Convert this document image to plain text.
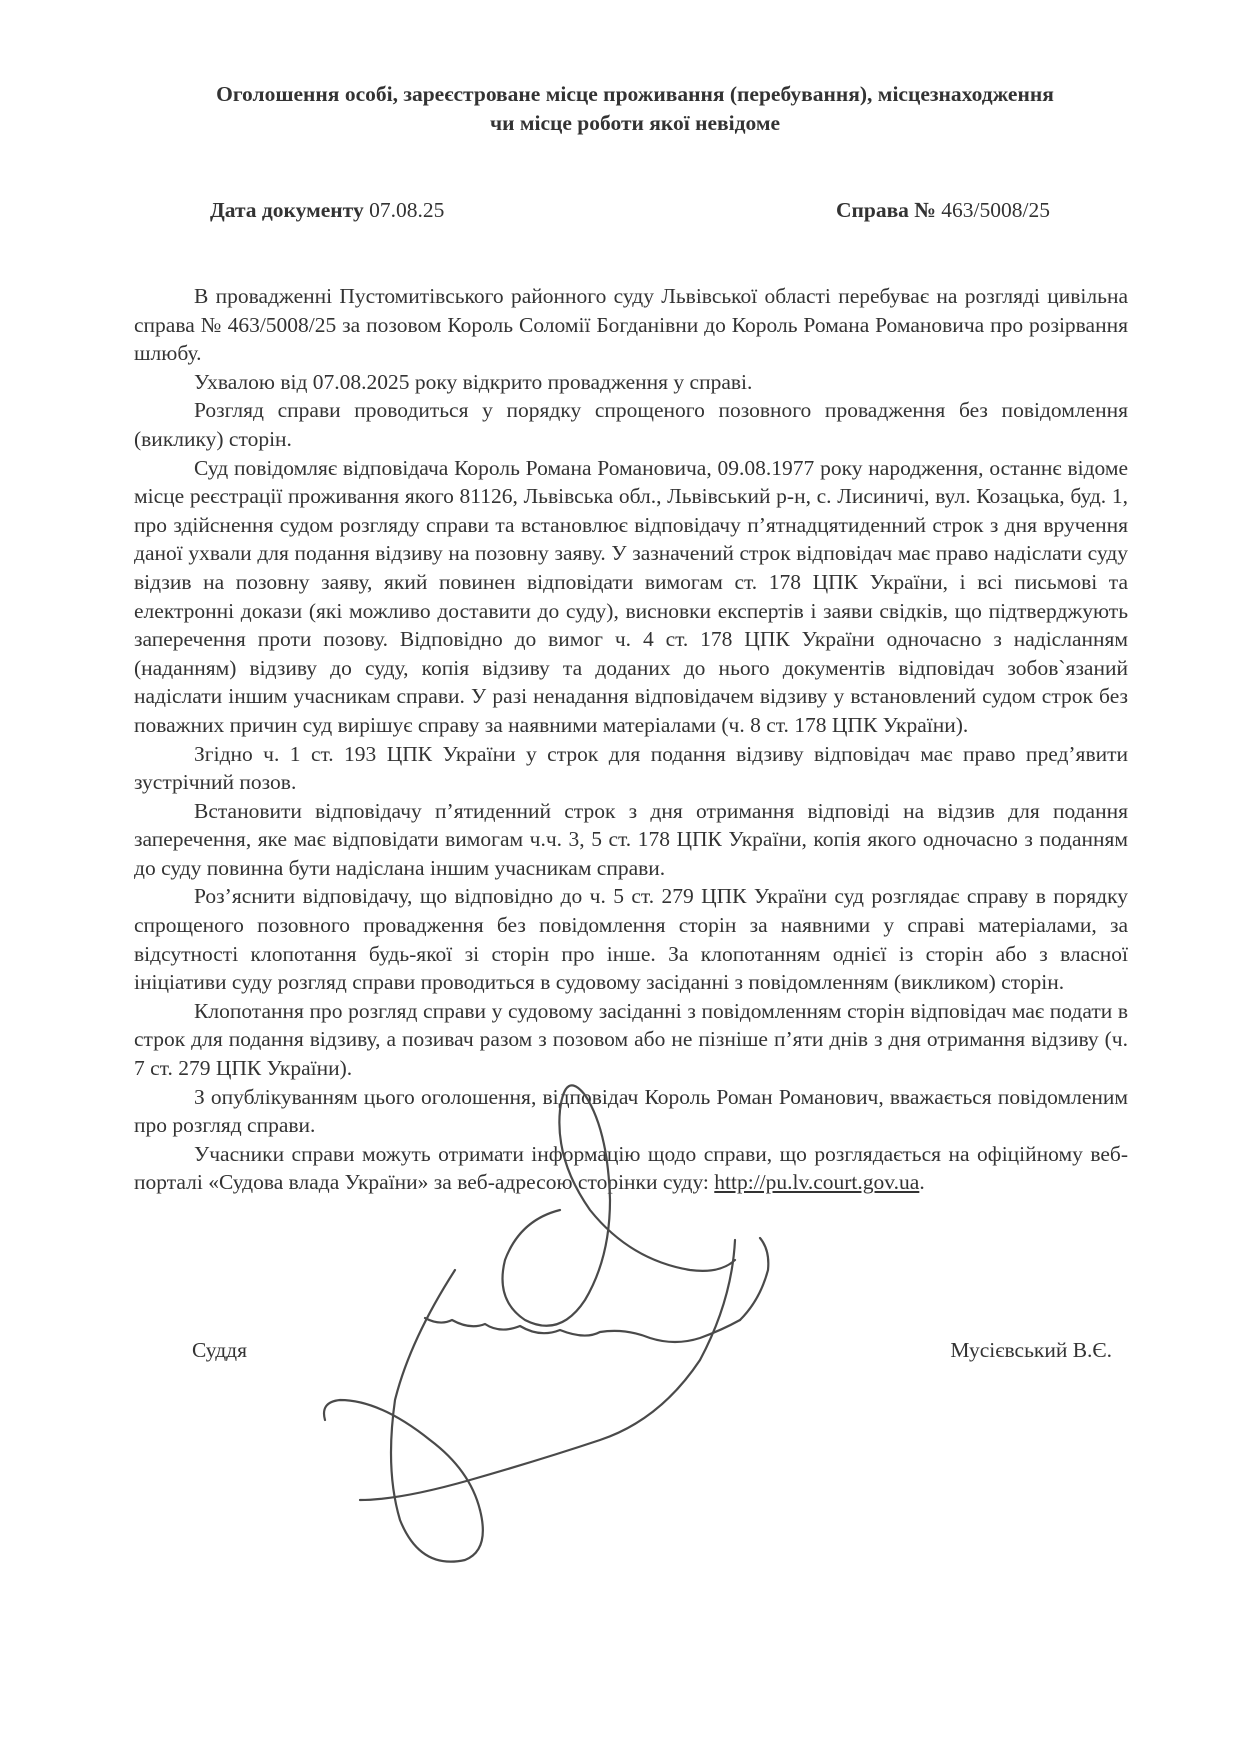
Оголошення особі, зареєстроване місце проживання (перебування), місцезнаходження
чи місце роботи якої невідоме
Дата документу 07.08.25	Справа № 463/5008/25

В провадженні Пустомитівського районного суду Львівської області перебуває на розгляді цивільна справа № 463/5008/25 за позовом Король Соломії Богданівни до Король Романа Романовича про розірвання шлюбу.

Ухвалою від 07.08.2025 року відкрито провадження у справі.

Розгляд справи проводиться у порядку спрощеного позовного провадження без повідомлення (виклику) сторін.

Суд повідомляє відповідача Король Романа Романовича, 09.08.1977 року народження, останнє відоме місце реєстрації проживання якого 81126, Львівська обл., Львівський р-н, с. Лисиничі, вул. Козацька, буд. 1, про здійснення судом розгляду справи та встановлює відповідачу п’ятнадцятиденний строк з дня вручення даної ухвали для подання відзиву на позовну заяву. У зазначений строк відповідач має право надіслати суду відзив на позовну заяву, який повинен відповідати вимогам ст. 178 ЦПК України, і всі письмові та електронні докази (які можливо доставити до суду), висновки експертів і заяви свідків, що підтверджують заперечення проти позову. Відповідно до вимог ч. 4 ст. 178 ЦПК України одночасно з надісланням (наданням) відзиву до суду, копія відзиву та доданих до нього документів відповідач зобов`язаний надіслати іншим учасникам справи. У разі ненадання відповідачем відзиву у встановлений судом строк без поважних причин суд вирішує справу за наявними матеріалами (ч. 8 ст. 178 ЦПК України).

Згідно ч. 1 ст. 193 ЦПК України у строк для подання відзиву відповідач має право пред’явити зустрічний позов.

Встановити відповідачу п’ятиденний строк з дня отримання відповіді на відзив для подання заперечення, яке має відповідати вимогам ч.ч. 3, 5 ст. 178 ЦПК України, копія якого одночасно з поданням до суду повинна бути надіслана іншим учасникам справи.

Роз’яснити відповідачу, що відповідно до ч. 5 ст. 279 ЦПК України суд розглядає справу в порядку спрощеного позовного провадження без повідомлення сторін за наявними у справі матеріалами, за відсутності клопотання будь-якої зі сторін про інше. За клопотанням однієї із сторін або з власної ініціативи суду розгляд справи проводиться в судовому засіданні з повідомленням (викликом) сторін.

Клопотання про розгляд справи у судовому засіданні з повідомленням сторін відповідач має подати в строк для подання відзиву, а позивач разом з позовом або не пізніше п’яти днів з дня отримання відзиву (ч. 7 ст. 279 ЦПК України).

З опублікуванням цього оголошення, відповідач Король Роман Романович, вважається повідомленим про розгляд справи.

Учасники справи можуть отримати інформацію щодо справи, що розглядається на офіційному веб-порталі «Судова влада України» за веб-адресою сторінки суду: http://pu.lv.court.gov.ua.

Суддя	Мусієвський В.Є.
